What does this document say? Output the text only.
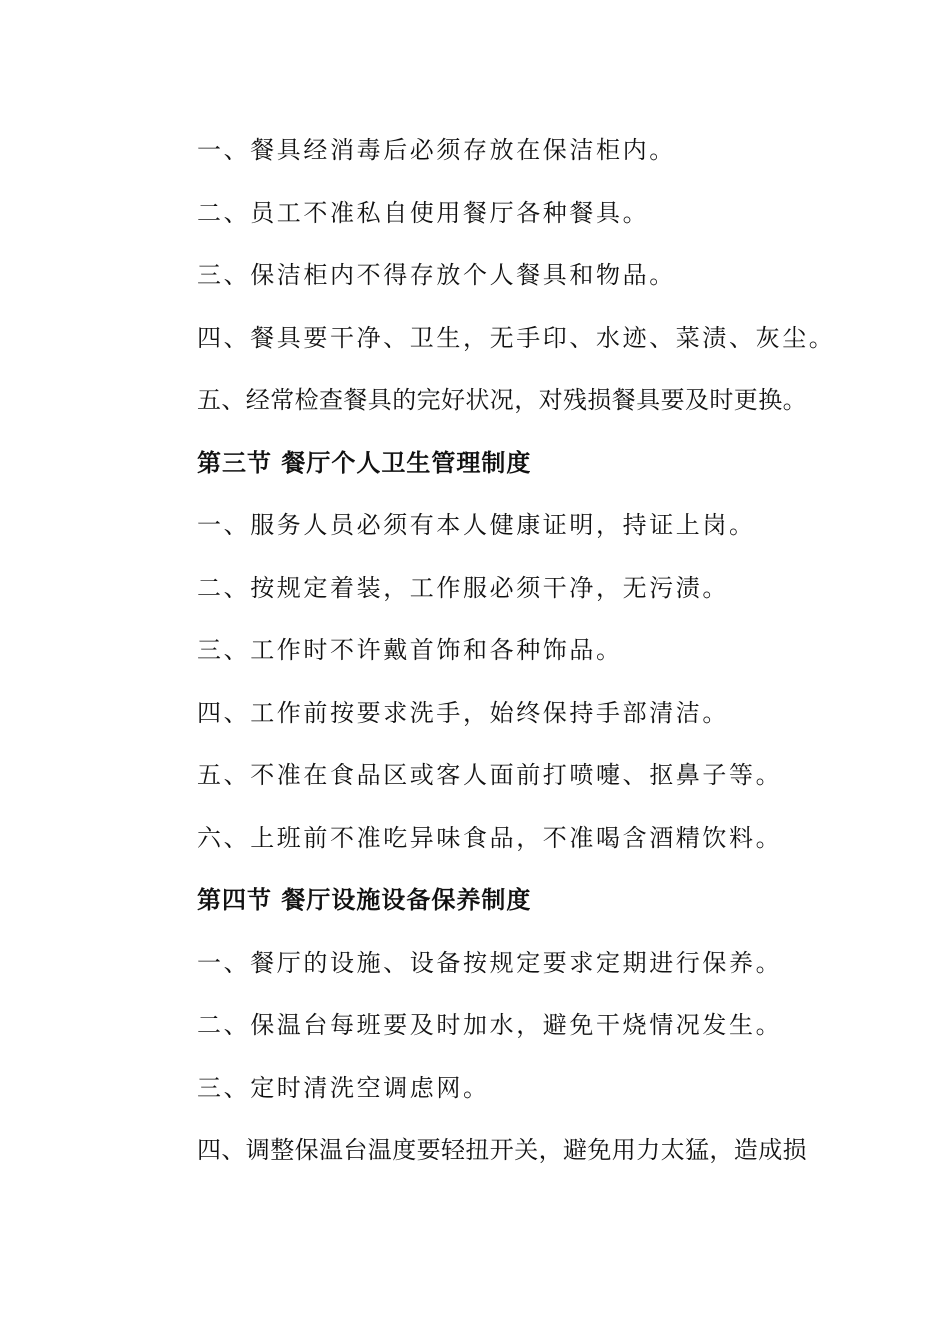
一、餐具经消毒后必须存放在保洁柜内。
二、员工不准私自使用餐厅各种餐具。
三、保洁柜内不得存放个人餐具和物品。
四、餐具要干净、卫生，无手印、水迹、菜渍、灰尘。
五、经常检查餐具的完好状况，对残损餐具要及时更换。
第三节 餐厅个人卫生管理制度
一、服务人员必须有本人健康证明，持证上岗。
二、按规定着装，工作服必须干净，无污渍。
三、工作时不许戴首饰和各种饰品。
四、工作前按要求洗手，始终保持手部清洁。
五、不准在食品区或客人面前打喷嚏、抠鼻子等。
六、上班前不准吃异味食品，不准喝含酒精饮料。
第四节 餐厅设施设备保养制度
一、餐厅的设施、设备按规定要求定期进行保养。
二、保温台每班要及时加水，避免干烧情况发生。
三、定时清洗空调虑网。
四、调整保温台温度要轻扭开关，避免用力太猛，造成损
